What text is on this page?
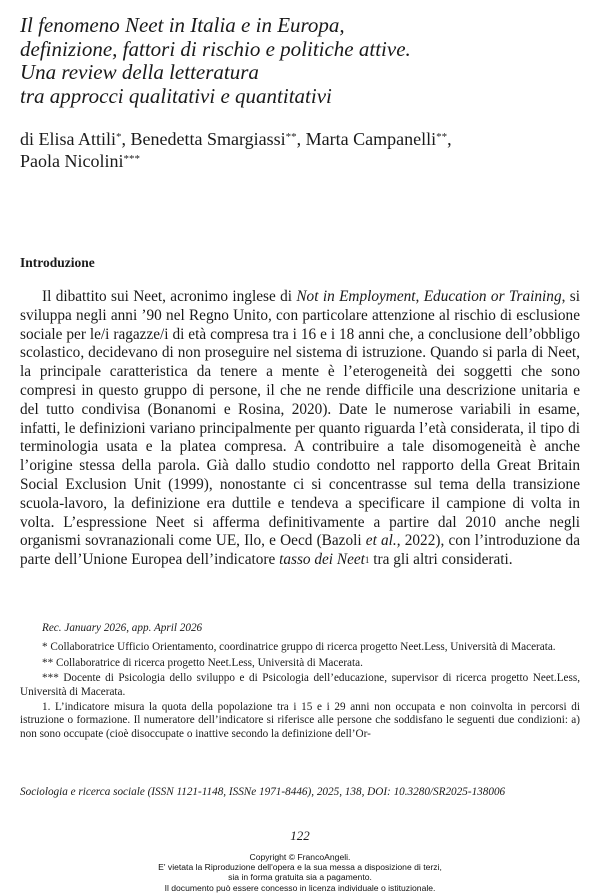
Il fenomeno Neet in Italia e in Europa,
definizione, fattori di rischio e politiche attive.
Una review della letteratura
tra approcci qualitativi e quantitativi
di Elisa Attili*, Benedetta Smargiassi**, Marta Campanelli**,
Paola Nicolini***
Introduzione

Il dibattito sui Neet, acronimo inglese di Not in Employment, Education or Training, si sviluppa negli anni ’90 nel Regno Unito, con particolare attenzione al rischio di esclusione sociale per le/i ragazze/i di età compresa tra i 16 e i 18 anni che, a conclusione dell’obbligo scolastico, decidevano di non proseguire nel sistema di istruzione. Quando si parla di Neet, la principale caratteristica da tenere a mente è l’eterogeneità dei soggetti che sono compresi in questo gruppo di persone, il che ne rende difficile una descrizione unitaria e del tutto condivisa (Bonanomi e Rosina, 2020). Date le numerose variabili in esame, infatti, le definizioni variano principalmente per quanto riguarda l’età considerata, il tipo di terminologia usata e la platea compresa. A contribuire a tale disomogeneità è anche l’origine stessa della parola. Già dallo studio condotto nel rapporto della Great Britain Social Exclusion Unit (1999), nonostante ci si concentrasse sul tema della transizione scuola-lavoro, la definizione era duttile e tendeva a specificare il campione di volta in volta. L’espressione Neet si afferma definitivamente a partire dal 2010 anche negli organismi sovranazionali come UE, Ilo, e Oecd (Bazoli et al., 2022), con l’introduzione da parte dell’Unione Europea dell’indicatore tasso dei Neet$^1$ tra gli altri considerati.

Rec. January 2026, app. April 2026

* Collaboratrice Ufficio Orientamento, coordinatrice gruppo di ricerca progetto Neet.Less, Università di Macerata.

** Collaboratrice di ricerca progetto Neet.Less, Università di Macerata.

*** Docente di Psicologia dello sviluppo e di Psicologia dell’educazione, supervisor di ricerca progetto Neet.Less, Università di Macerata.

1. L’indicatore misura la quota della popolazione tra i 15 e i 29 anni non occupata e non coinvolta in percorsi di istruzione o formazione. Il numeratore dell’indicatore si riferisce alle persone che soddisfano le seguenti due condizioni: a) non sono occupate (cioè disoccupate o inattive secondo la definizione dell’Or-

Sociologia e ricerca sociale (ISSN 1121-1148, ISSNe 1971-8446), 2025, 138, DOI: 10.3280/SR2025-138006
122
Copyright © FrancoAngeli.
E' vietata la Riproduzione dell'opera e la sua messa a disposizione di terzi,
sia in forma gratuita sia a pagamento.
Il documento può essere concesso in licenza individuale o istituzionale.
